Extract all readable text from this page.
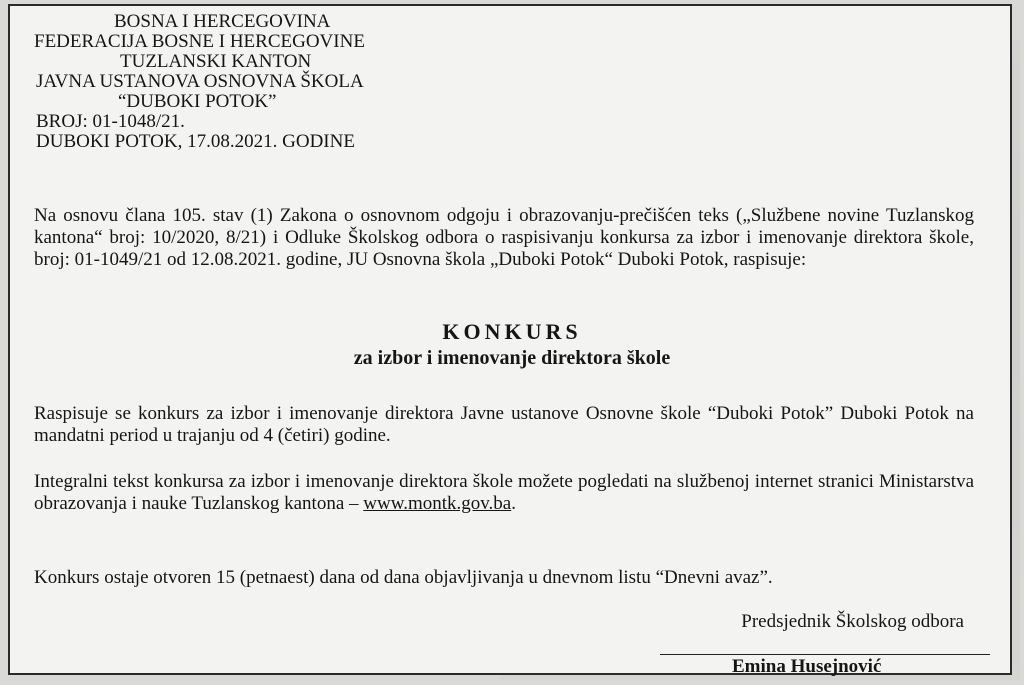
BOSNA I HERCEGOVINA
FEDERACIJA BOSNE I HERCEGOVINE
TUZLANSKI KANTON
JAVNA USTANOVA OSNOVNA ŠKOLA
“DUBOKI POTOK”
BROJ: 01-1048/21.
DUBOKI POTOK, 17.08.2021. GODINE
Na osnovu člana 105. stav (1) Zakona o osnovnom odgoju i obrazovanju-prečišćen teks („Službene novine Tuzlanskog kantona“ broj: 10/2020, 8/21) i Odluke Školskog odbora o raspisivanju konkursa za izbor i imenovanje direktora škole, broj: 01-1049/21 od 12.08.2021. godine, JU Osnovna škola „Duboki Potok“ Duboki Potok, raspisuje:
KONKURS
za izbor i imenovanje direktora škole
Raspisuje se konkurs za izbor i imenovanje direktora Javne ustanove Osnovne škole “Duboki Potok” Duboki Potok na mandatni period u trajanju od 4 (četiri) godine.
Integralni tekst konkursa za izbor i imenovanje direktora škole možete pogledati na službenoj internet stranici Ministarstva obrazovanja i nauke Tuzlanskog kantona – www.montk.gov.ba.
Konkurs ostaje otvoren 15 (petnaest) dana od dana objavljivanja u dnevnom listu “Dnevni avaz”.
Predsjednik Školskog odbora
Emina Husejnović
